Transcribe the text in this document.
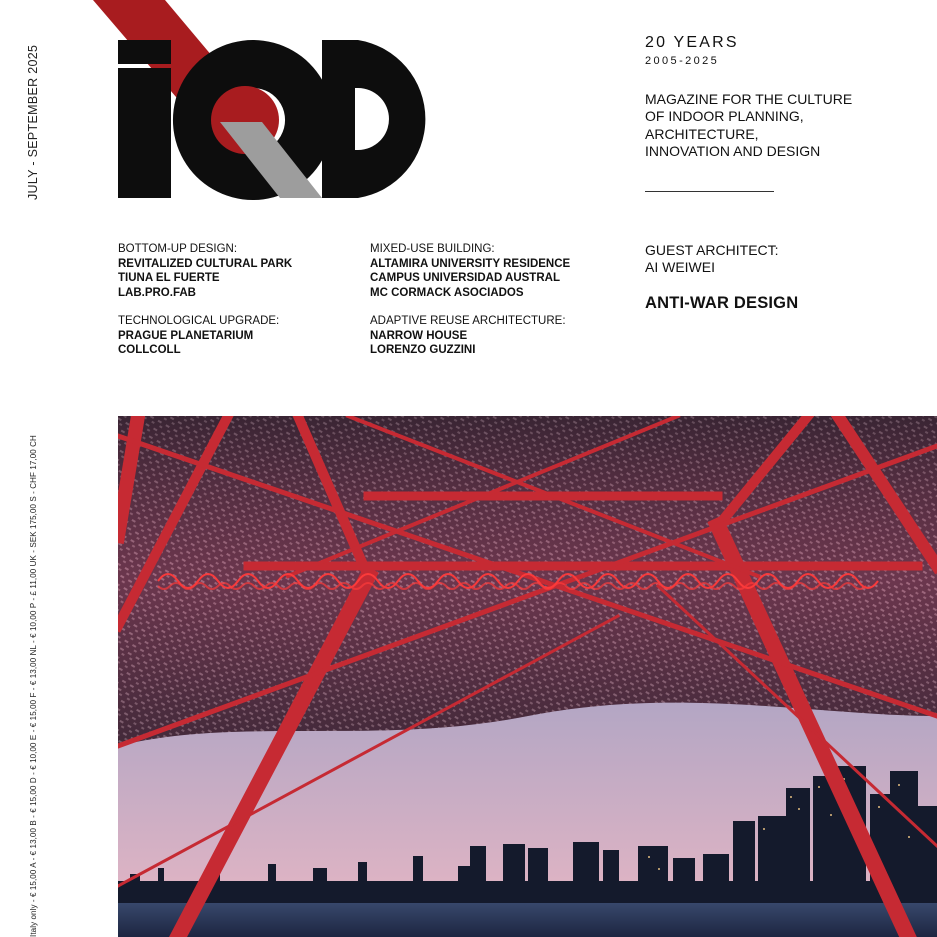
JULY - SEPTEMBER 2025
Italy only - € 15,00 A - € 13,00 B - € 15,00 D - € 10,00 E - € 15,00 F - € 13,00 NL - € 10,00 P - £ 11,00 UK - SEK 175,00 S - CHF 17,00 CH
20 YEARS
2005-2025
MAGAZINE FOR THE CULTURE
OF INDOOR PLANNING,
ARCHITECTURE,
INNOVATION AND DESIGN
GUEST ARCHITECT:
AI WEIWEI
ANTI-WAR DESIGN
BOTTOM-UP DESIGN:
REVITALIZED CULTURAL PARK
TIUNA EL FUERTE
LAB.PRO.FAB
MIXED-USE BUILDING:
ALTAMIRA UNIVERSITY RESIDENCE
CAMPUS UNIVERSIDAD AUSTRAL
MC CORMACK ASOCIADOS
TECHNOLOGICAL UPGRADE:
PRAGUE PLANETARIUM
COLLCOLL
ADAPTIVE REUSE ARCHITECTURE:
NARROW HOUSE
LORENZO GUZZINI
